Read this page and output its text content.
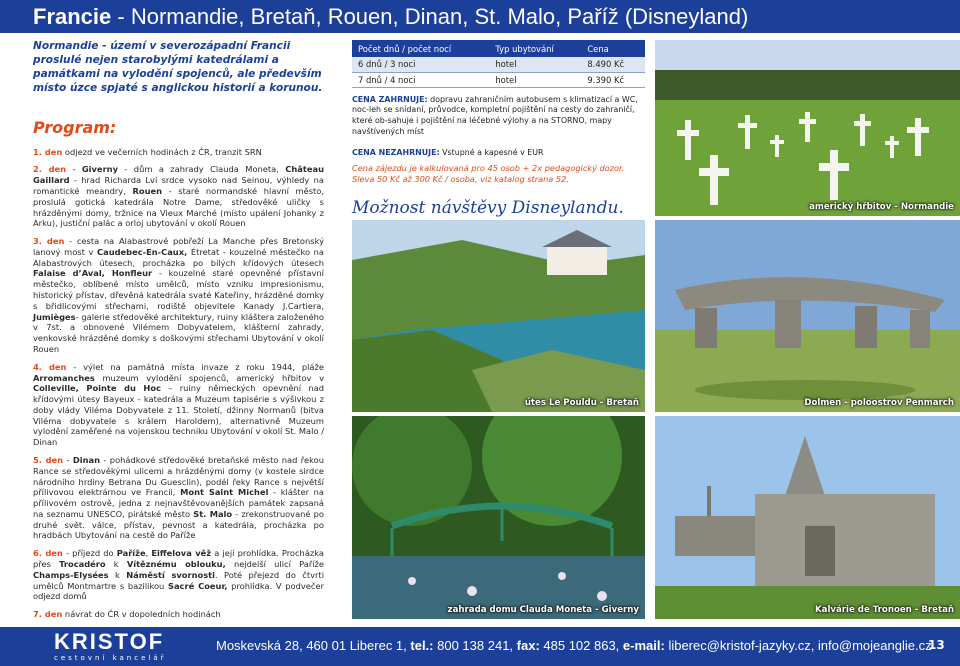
Francie - Normandie, Bretaň, Rouen, Dinan, St. Malo, Paříž (Disneyland)
Normandie - území v severozápadní Francii proslulé nejen starobylými katedrálami a památkami na vylodění spojenců, ale především místo úzce spjaté s anglickou historií a korunou.
Program:
1. den odjezd ve večerních hodinách z ČR, tranzit SRN
2. den - Giverny - dům a zahrady Clauda Moneta, Château Gaillard - hrad Richarda Lví srdce vysoko nad Seinou, výhledy na romantické meandry, Rouen - staré normandské hlavní město, proslulá gotická katedrála Notre Dame, středověké uličky s hrázděnými domy, tržnice na Vieux Marché (místo upálení Johanky z Arku), justiční palác a orloj ubytování v okolí Rouen
3. den - cesta na Alabastrové pobřeží La Manche přes Bretonský lanový most v Caudebec-En-Caux, Étretat - kouzelné městečko na Alabastrových útesech, procházka po bílých křídových útesech Falaise d’Aval, Honfleur - kouzelné staré opevněné přístavní městečko, oblíbené místo umělců, místo vzniku impresionismu, historický přístav, dřevěná katedrála svaté Kateřiny, hrázděné domky s břidlicovými střechami, rodiště objevitele Kanady J.Cartiera, Jumièges- galerie středověké architektury, ruiny kláštera založeného v 7st. a obnovené Vilémem Dobyvatelem, klášterní zahrady, venkovské hrázděné domky s doškovými střechami Ubytování v okolí Rouen
4. den - výlet na památná místa invaze z roku 1944, pláže Arromanches muzeum vylodění spojenců, americký hřbitov v Colleville, Pointe du Hoc – ruiny německých opevnění nad křídovými útesy Bayeux - katedrála a Muzeum tapisérie s výšivkou z doby vlády Viléma Dobyvatele z 11. Století, džinny Normanů (bitva Viléma dobyvatele s králem Haroldem), alternativně Muzeum vylodění zaměřené na vojenskou techniku Ubytování v okolí St. Malo / Dinan
5. den - Dinan - pohádkové středověké bretaňské město nad řekou Rance se středověkými ulicemi a hrázděnými domy (v kostele sirdce národního hrdiny Betrana Du Guesclin), podél řeky Rance s největší přílivovou elektrárnou ve Francii, Mont Saint Michel - klášter na přílivovém ostrově, jedna z nejnavštěvovanějších památek zapsaná na seznamu UNESCO, pirátské město St. Malo - zrekonstruované po druhé svět. válce, přístav, pevnost a katedrála, procházka po hradbách Ubytování na cestě do Paříže
6. den - příjezd do Paříže, Eiffelova věž a její prohlídka. Procházka přes Trocadéro k Vítěznému oblouku, nejdelší ulicí Paříže Champs-Elysées k Náměstí svornosti. Poté přejezd do čtvrti umělců Montmartre s bazilikou Sacré Coeur, prohlídka. V podvečer odjezd domů
7. den návrat do ČR v dopoledních hodinách
Počet dnů / počet nocí	Typ ubytování	Cena
6 dnů / 3 noci	hotel	8.490 Kč
7 dnů / 4 noci	hotel	9.390 Kč
CENA ZAHRNUJE: dopravu zahraničním autobusem s klimatizací a WC, noc-leh se snídaní, průvodce, kompletní pojištění na cesty do zahraničí, které ob-sahuje i pojištění na léčebné výlohy a na STORNO, mapy navštívených míst
CENA NEZAHRNUJE: Vstupné a kapesné v EUR
Cena zájezdu je kalkulovaná pro 45 osob + 2x pedagogický dozor.
Sleva 50 Kč až 300 Kč / osoba, viz katalog strana 52.
Možnost návštěvy Disneylandu.	americký hřbitov - Normandie
útes Le Pouldu - Bretaň	Dolmen - poloostrov Penmarch
zahrada domu Clauda Moneta - Giverny	Kalvárie de Tronoen - Bretaň
KRISTOF
cestovní kancelář
Moskevská 28, 460 01 Liberec 1, tel.: 800 138 241, fax: 485 102 863, e-mail: liberec@kristof-jazyky.cz, info@mojeanglie.cz
13
